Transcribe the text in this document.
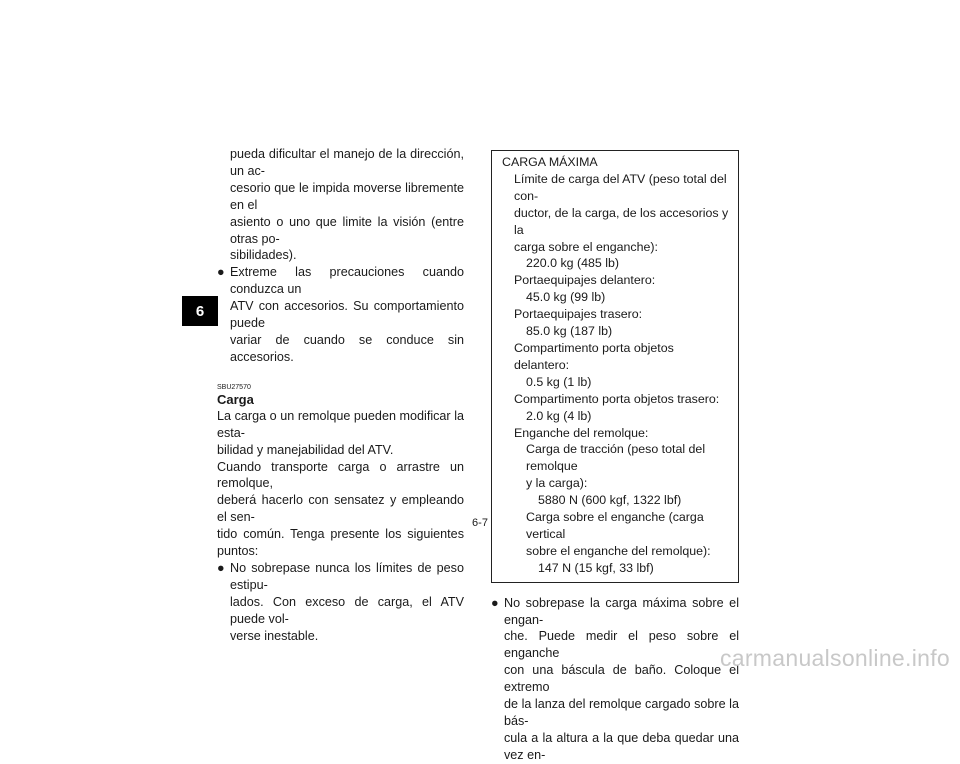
6
pueda dificultar el manejo de la dirección, un ac-
cesorio que le impida moverse libremente en el
asiento o uno que limite la visión (entre otras po-
sibilidades).
● Extreme las precauciones cuando conduzca un
ATV con accesorios. Su comportamiento puede
variar de cuando se conduce sin accesorios.
SBU27570
Carga
La carga o un remolque pueden modificar la esta-
bilidad y manejabilidad del ATV.
Cuando transporte carga o arrastre un remolque,
deberá hacerlo con sensatez y empleando el sen-
tido común. Tenga presente los siguientes puntos:
● No sobrepase nunca los límites de peso estipu-
lados. Con exceso de carga, el ATV puede vol-
verse inestable.
CARGA MÁXIMA
Límite de carga del ATV (peso total del con-
ductor, de la carga, de los accesorios y la
carga sobre el enganche):
220.0 kg (485 lb)
Portaequipajes delantero:
45.0 kg (99 lb)
Portaequipajes trasero:
85.0 kg (187 lb)
Compartimento porta objetos delantero:
0.5 kg (1 lb)
Compartimento porta objetos trasero:
2.0 kg (4 lb)
Enganche del remolque:
Carga de tracción (peso total del remolque
y la carga):
5880 N (600 kgf, 1322 lbf)
Carga sobre el enganche (carga vertical
sobre el enganche del remolque):
147 N (15 kgf, 33 lbf)
● No sobrepase la carga máxima sobre el engan-
che. Puede medir el peso sobre el enganche
con una báscula de baño. Coloque el extremo
de la lanza del remolque cargado sobre la bás-
cula a la altura a la que deba quedar una vez en-
6-7
carmanualsonline.info
